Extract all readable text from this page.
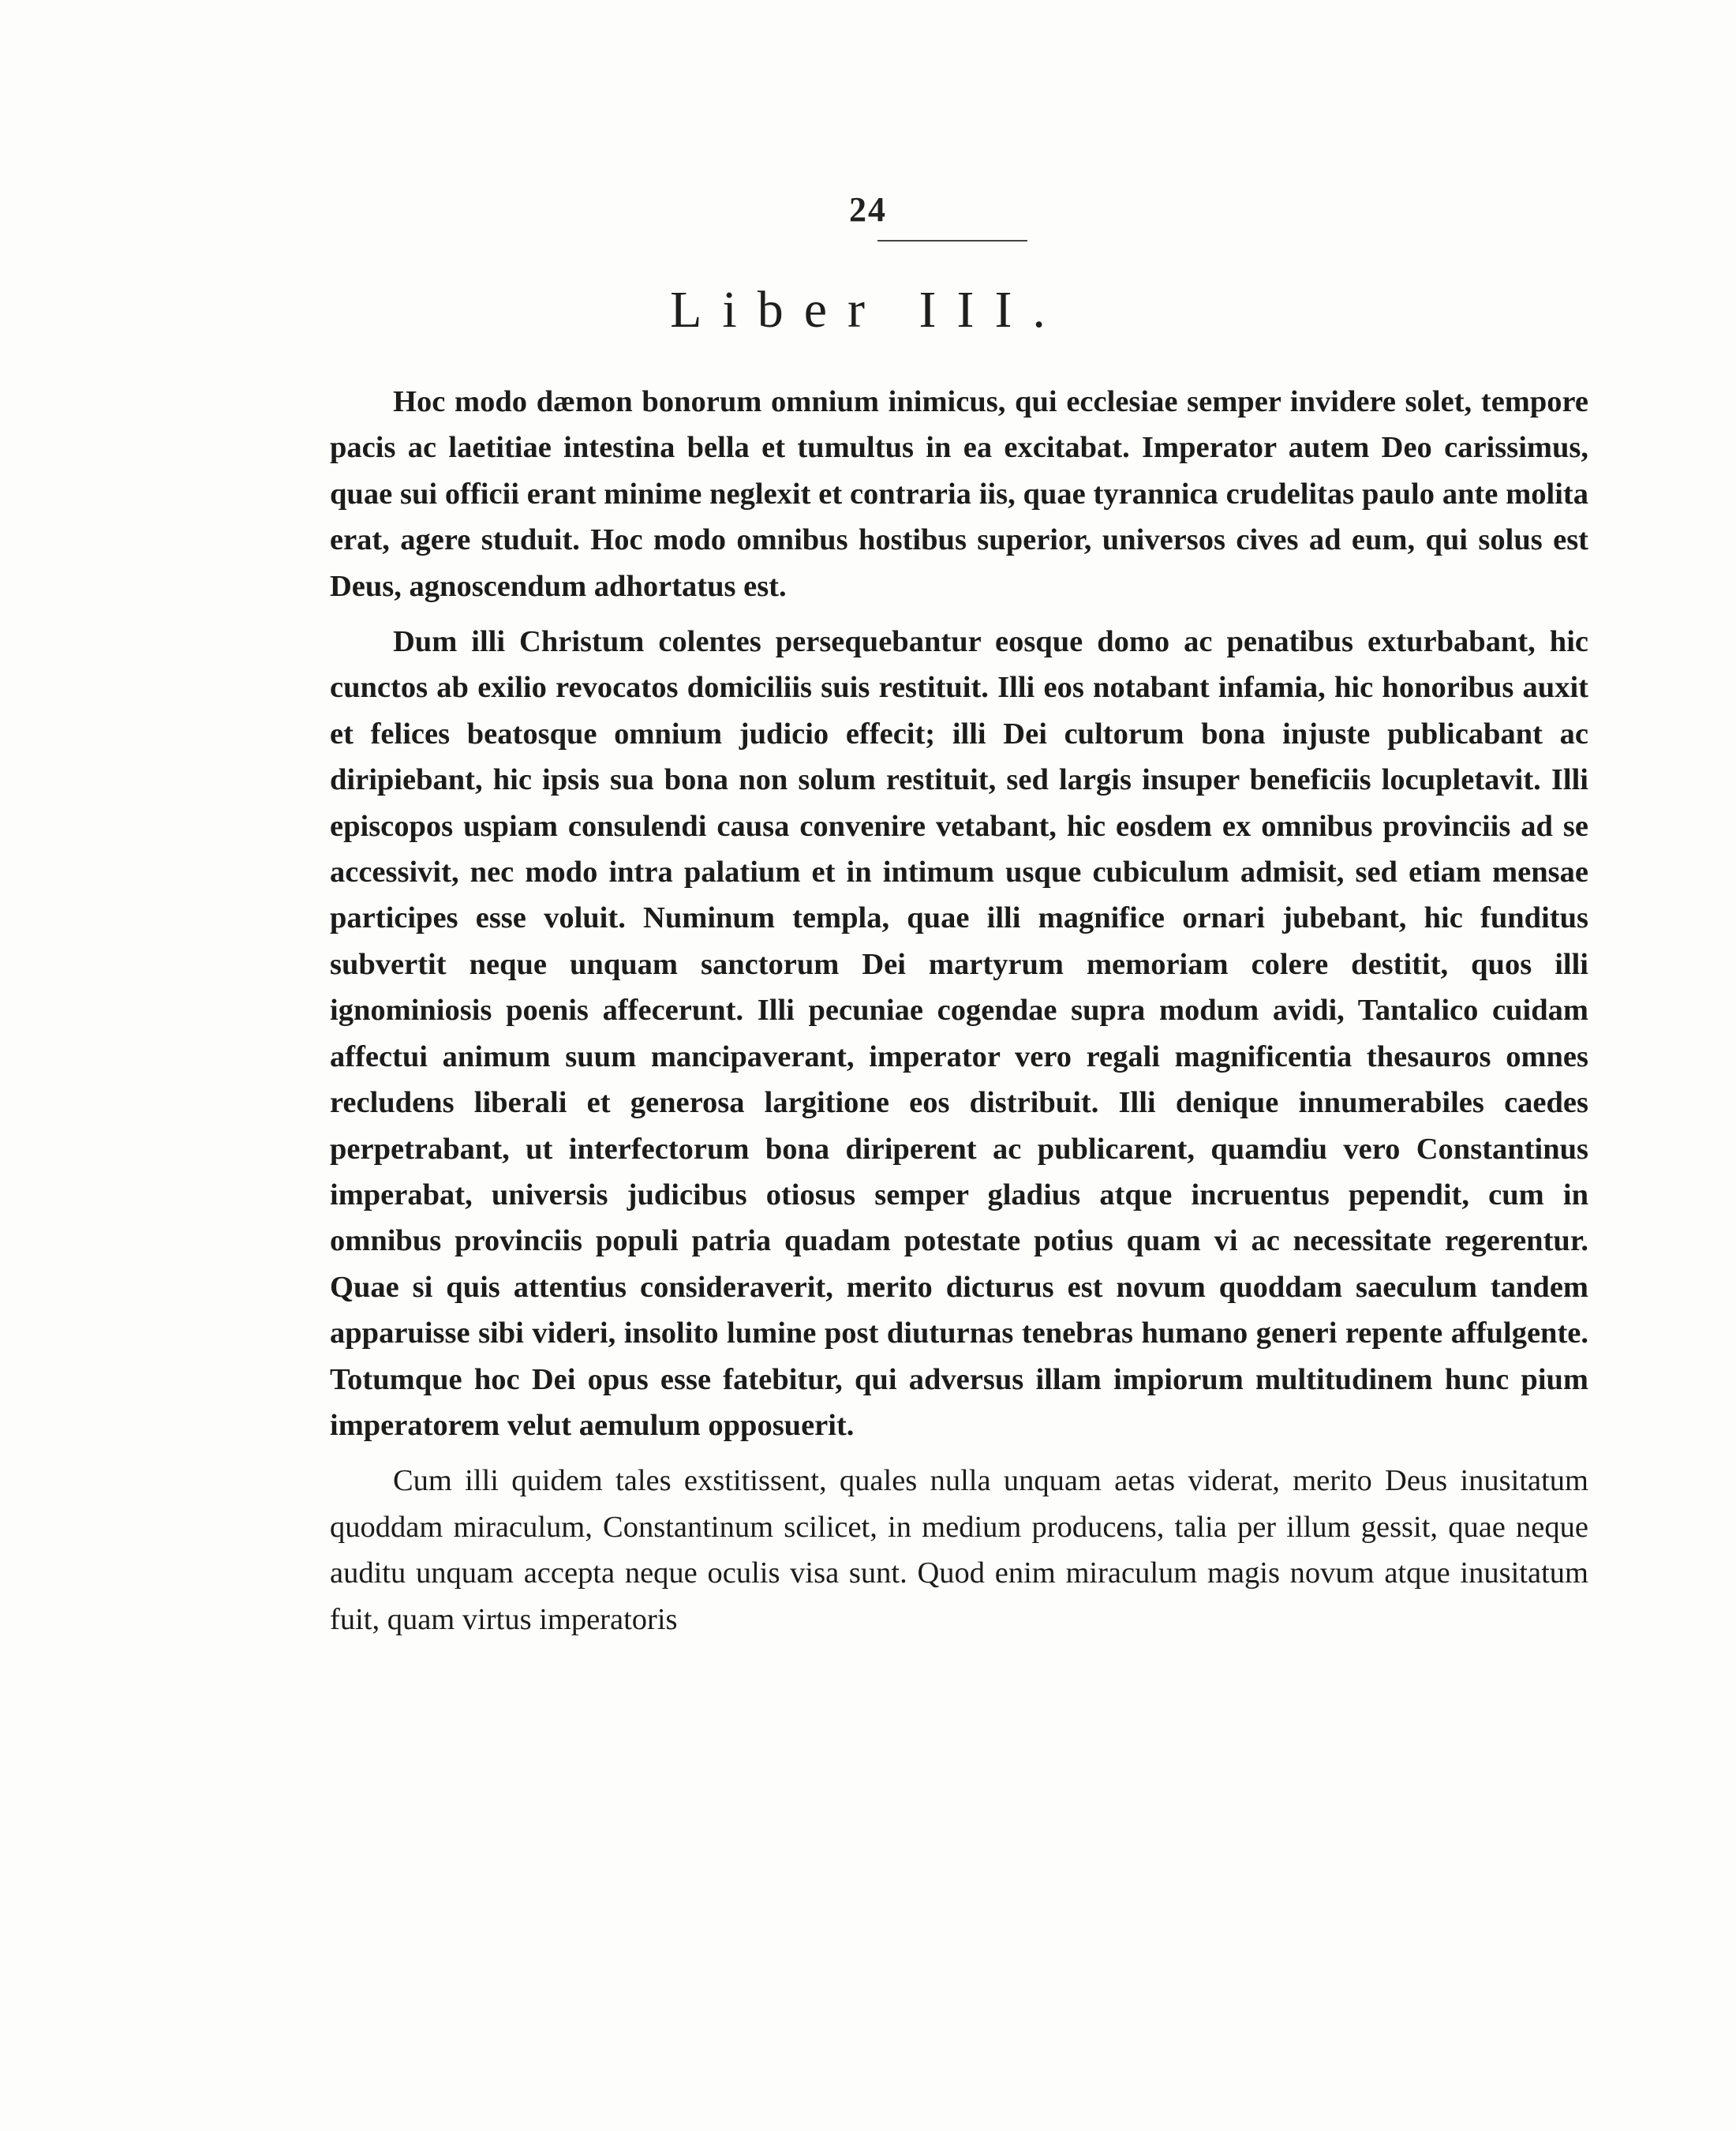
24
Liber III.

Hoc modo dæmon bonorum omnium inimicus, qui ecclesiae semper invidere solet, tempore pacis ac laetitiae intestina bella et tumultus in ea excitabat. Imperator autem Deo carissimus, quae sui officii erant minime neglexit et contraria iis, quae tyrannica crudelitas paulo ante molita erat, agere studuit. Hoc modo omnibus hostibus superior, universos cives ad eum, qui solus est Deus, agnoscendum adhortatus est.

Dum illi Christum colentes persequebantur eosque domo ac penatibus exturbabant, hic cunctos ab exilio revocatos domiciliis suis restituit. Illi eos notabant infamia, hic honoribus auxit et felices beatosque omnium judicio effecit; illi Dei cultorum bona injuste publicabant ac diripiebant, hic ipsis sua bona non solum restituit, sed largis insuper beneficiis locupletavit. Illi episcopos uspiam consulendi causa convenire vetabant, hic eosdem ex omnibus provinciis ad se accessivit, nec modo intra palatium et in intimum usque cubiculum admisit, sed etiam mensae participes esse voluit. Numinum templa, quae illi magnifice ornari jubebant, hic funditus subvertit neque unquam sanctorum Dei martyrum memoriam colere destitit, quos illi ignominiosis poenis affecerunt. Illi pecuniae cogendae supra modum avidi, Tantalico cuidam affectui animum suum mancipaverant, imperator vero regali magnificentia thesauros omnes recludens liberali et generosa largitione eos distribuit. Illi denique innumerabiles caedes perpetrabant, ut interfectorum bona diriperent ac publicarent, quamdiu vero Constantinus imperabat, universis judicibus otiosus semper gladius atque incruentus pependit, cum in omnibus provinciis populi patria quadam potestate potius quam vi ac necessitate regerentur. Quae si quis attentius consideraverit, merito dicturus est novum quoddam saeculum tandem apparuisse sibi videri, insolito lumine post diuturnas tenebras humano generi repente affulgente. Totumque hoc Dei opus esse fatebitur, qui adversus illam impiorum multitudinem hunc pium imperatorem velut aemulum opposuerit.

Cum illi quidem tales exstitissent, quales nulla unquam aetas viderat, merito Deus inusitatum quoddam miraculum, Constantinum scilicet, in medium producens, talia per illum gessit, quae neque auditu unquam accepta neque oculis visa sunt. Quod enim miraculum magis novum atque inusitatum fuit, quam virtus imperatoris
